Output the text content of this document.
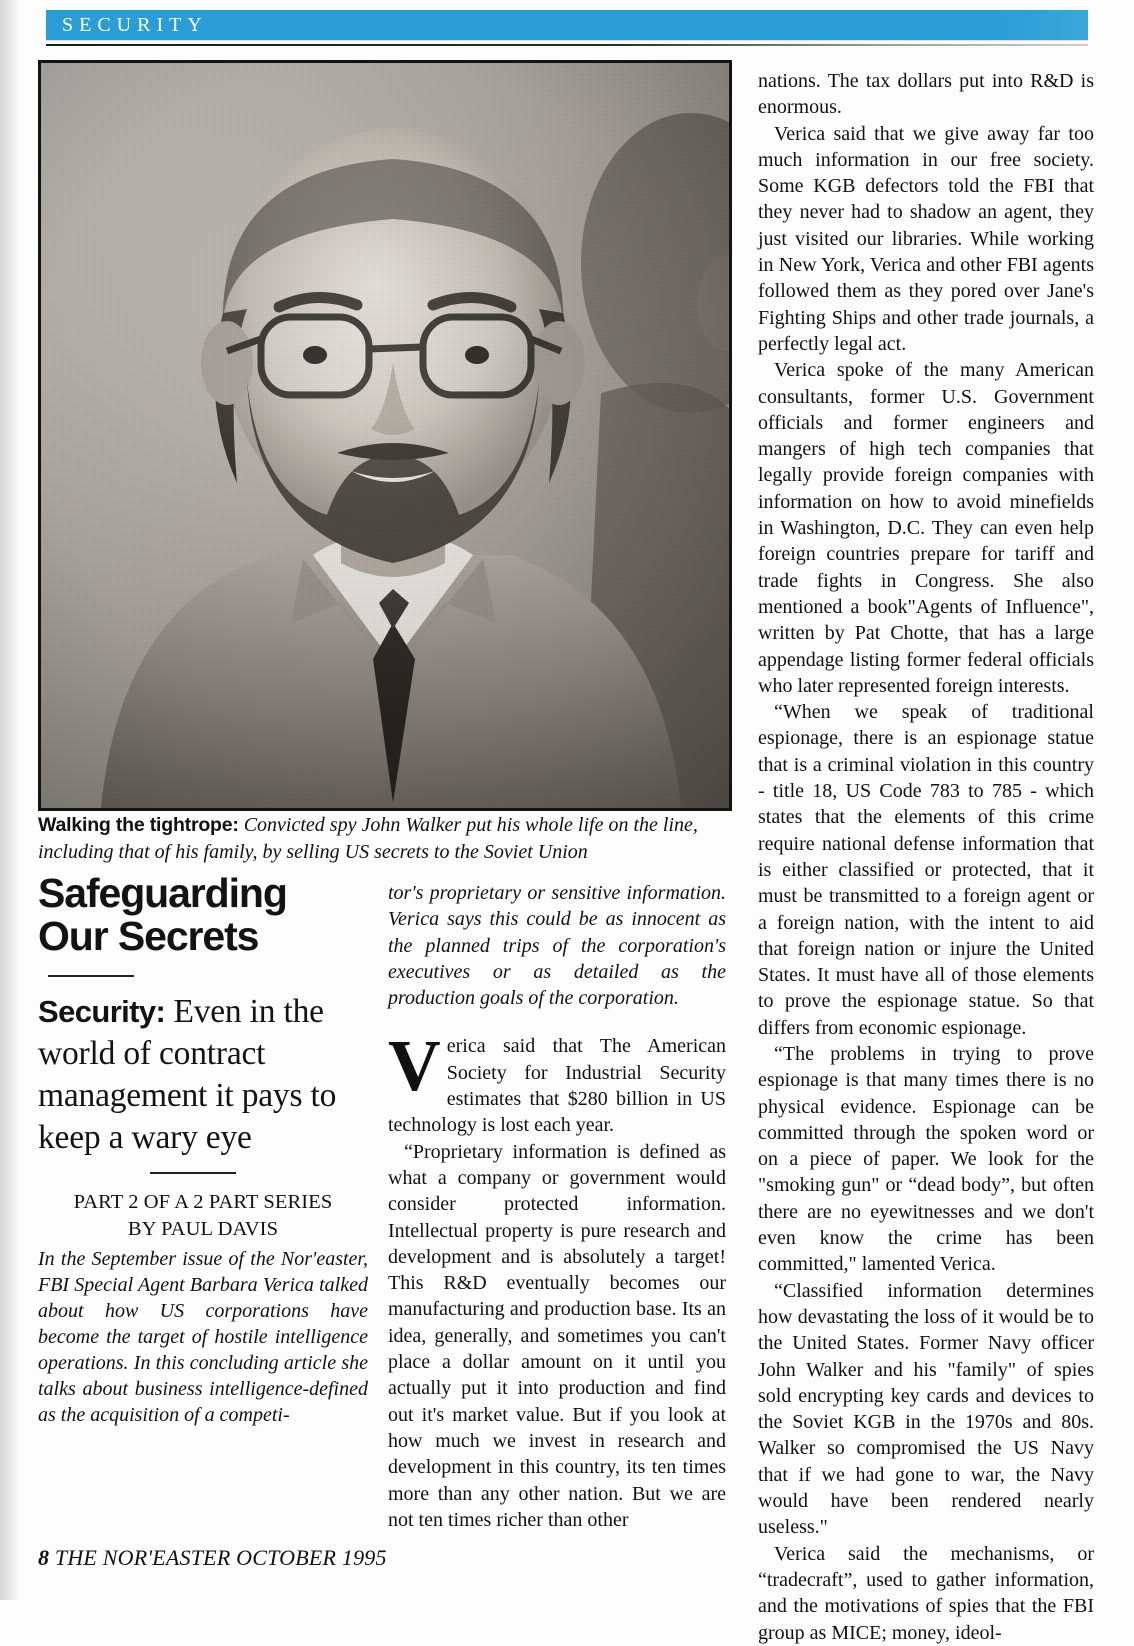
SECURITY
Walking the tightrope: Convicted spy John Walker put his whole life on the line, including that of his family, by selling US secrets to the Soviet Union
Safeguarding
Our Secrets

Security: Even in the world of contract management it pays to keep a wary eye

PART 2 OF A 2 PART SERIES

BY PAUL DAVIS

In the September issue of the Nor'easter, FBI Special Agent Barbara Verica talked about how US corporations have become the target of hostile intelligence operations. In this concluding article she talks about business intelligence-defined as the acquisition of a competi-

tor's proprietary or sensitive information. Verica says this could be as innocent as the planned trips of the corporation's executives or as detailed as the production goals of the corporation.

Verica said that The American Society for Industrial Security estimates that $280 billion in US technology is lost each year.

“Proprietary information is defined as what a company or government would consider protected information. Intellectual property is pure research and development and is absolutely a target! This R&D eventually becomes our manufacturing and production base. Its an idea, generally, and sometimes you can't place a dollar amount on it until you actually put it into production and find out it's market value. But if you look at how much we invest in research and development in this country, its ten times more than any other nation. But we are not ten times richer than other

nations. The tax dollars put into R&D is enormous.

Verica said that we give away far too much information in our free society. Some KGB defectors told the FBI that they never had to shadow an agent, they just visited our libraries. While working in New York, Verica and other FBI agents followed them as they pored over Jane's Fighting Ships and other trade journals, a perfectly legal act.

Verica spoke of the many American consultants, former U.S. Government officials and former engineers and mangers of high tech companies that legally provide foreign companies with information on how to avoid minefields in Washington, D.C. They can even help foreign countries prepare for tariff and trade fights in Congress. She also mentioned a book"Agents of Influence", written by Pat Chotte, that has a large appendage listing former federal officials who later represented foreign interests.

“When we speak of traditional espionage, there is an espionage statue that is a criminal violation in this country - title 18, US Code 783 to 785 - which states that the elements of this crime require national defense information that is either classified or protected, that it must be transmitted to a foreign agent or a foreign nation, with the intent to aid that foreign nation or injure the United States. It must have all of those elements to prove the espionage statue. So that differs from economic espionage.

“The problems in trying to prove espionage is that many times there is no physical evidence. Espionage can be committed through the spoken word or on a piece of paper. We look for the "smoking gun" or “dead body”, but often there are no eyewitnesses and we don't even know the crime has been committed," lamented Verica.

“Classified information determines how devastating the loss of it would be to the United States. Former Navy officer John Walker and his "family" of spies sold encrypting key cards and devices to the Soviet KGB in the 1970s and 80s. Walker so compromised the US Navy that if we had gone to war, the Navy would have been rendered nearly useless."

Verica said the mechanisms, or “tradecraft”, used to gather information, and the motivations of spies that the FBI group as MICE; money, ideol-

8 THE NOR'EASTER OCTOBER 1995
